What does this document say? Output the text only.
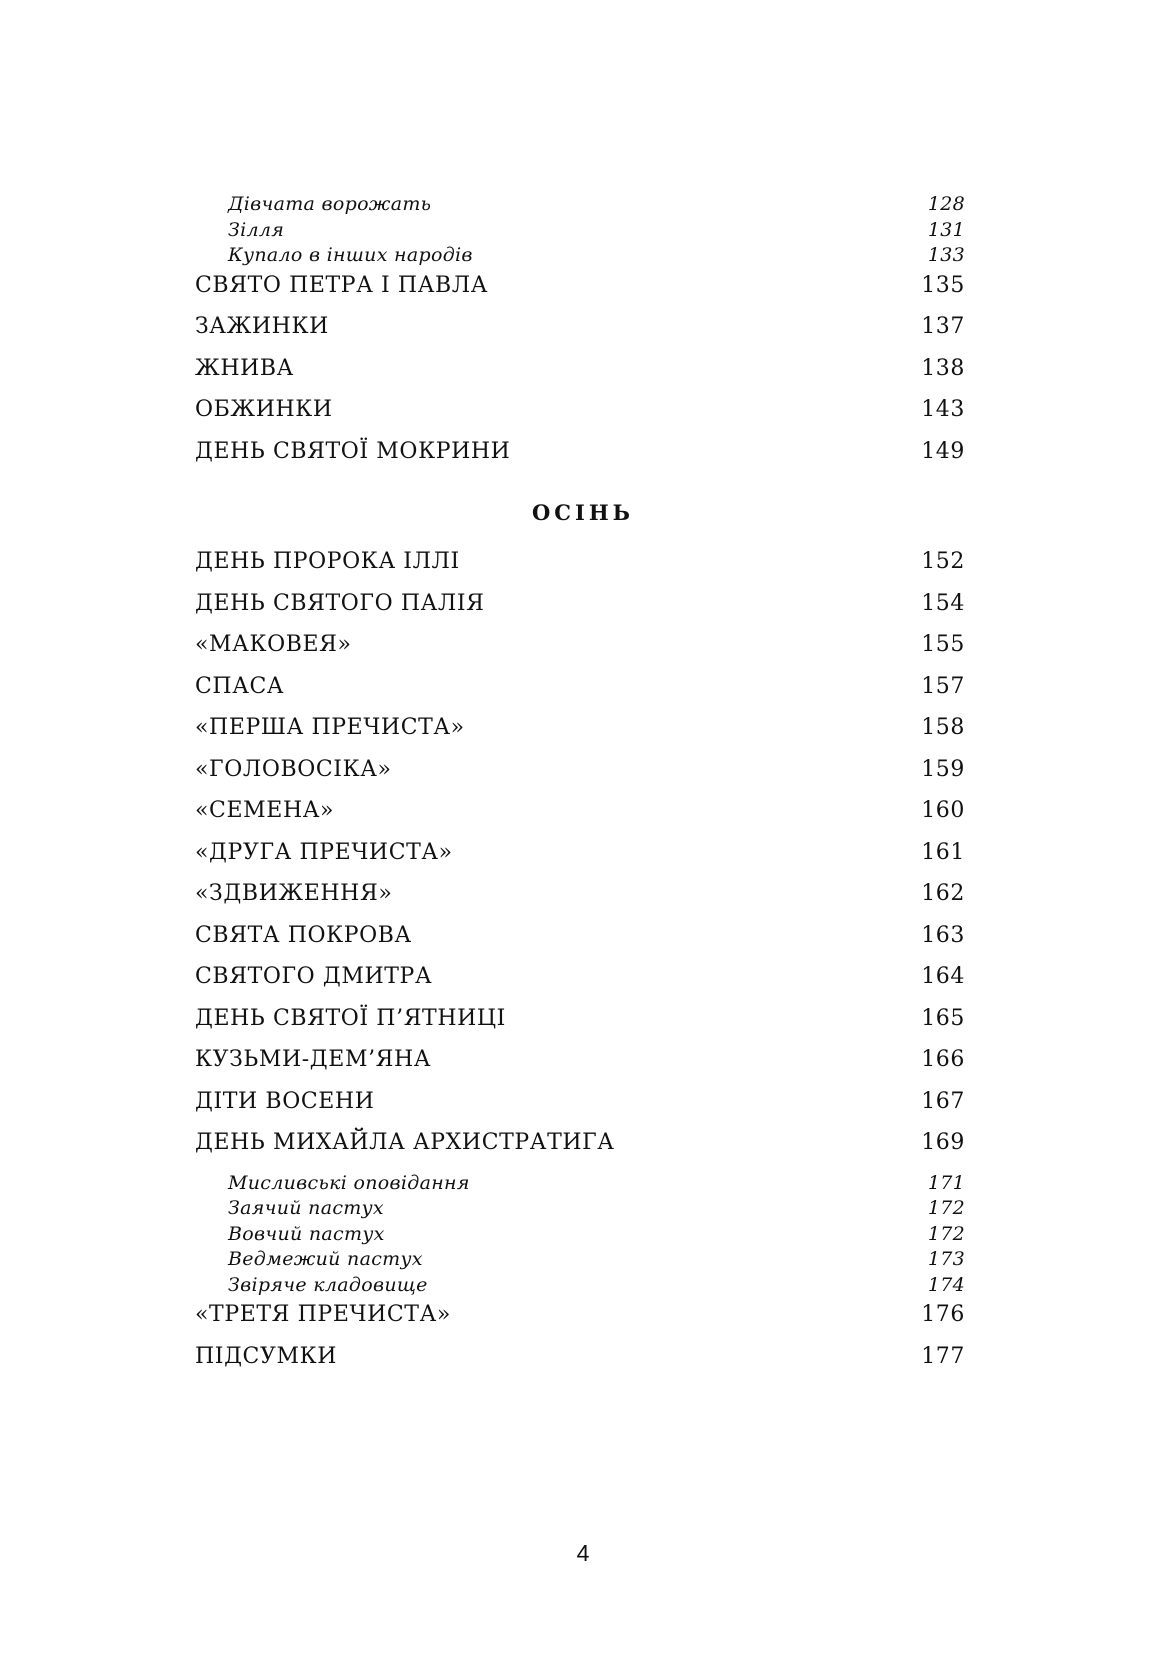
Дівчата ворожать	128
Зілля	131
Купало в інших народів	133
СВЯТО ПЕТРА І ПАВЛА	135
ЗАЖИНКИ	137
ЖНИВА	138
ОБЖИНКИ	143
ДЕНЬ СВЯТОЇ МОКРИНИ	149
ОСІНЬ
ДЕНЬ ПРОРОКА ІЛЛІ	152
ДЕНЬ СВЯТОГО ПАЛІЯ	154
«МАКОВЕЯ»	155
СПАСА	157
«ПЕРША ПРЕЧИСТА»	158
«ГОЛОВОСІКА»	159
«СЕМЕНА»	160
«ДРУГА ПРЕЧИСТА»	161
«ЗДВИЖЕННЯ»	162
СВЯТА ПОКРОВА	163
СВЯТОГО ДМИТРА	164
ДЕНЬ СВЯТОЇ П’ЯТНИЦІ	165
КУЗЬМИ-ДЕМ’ЯНА	166
ДІТИ ВОСЕНИ	167
ДЕНЬ МИХАЙЛА АРХИСТРАТИГА	169
Мисливські оповідання	171
Заячий пастух	172
Вовчий пастух	172
Ведмежий пастух	173
Звіряче кладовище	174
«ТРЕТЯ ПРЕЧИСТА»	176
ПІДСУМКИ	177
4
